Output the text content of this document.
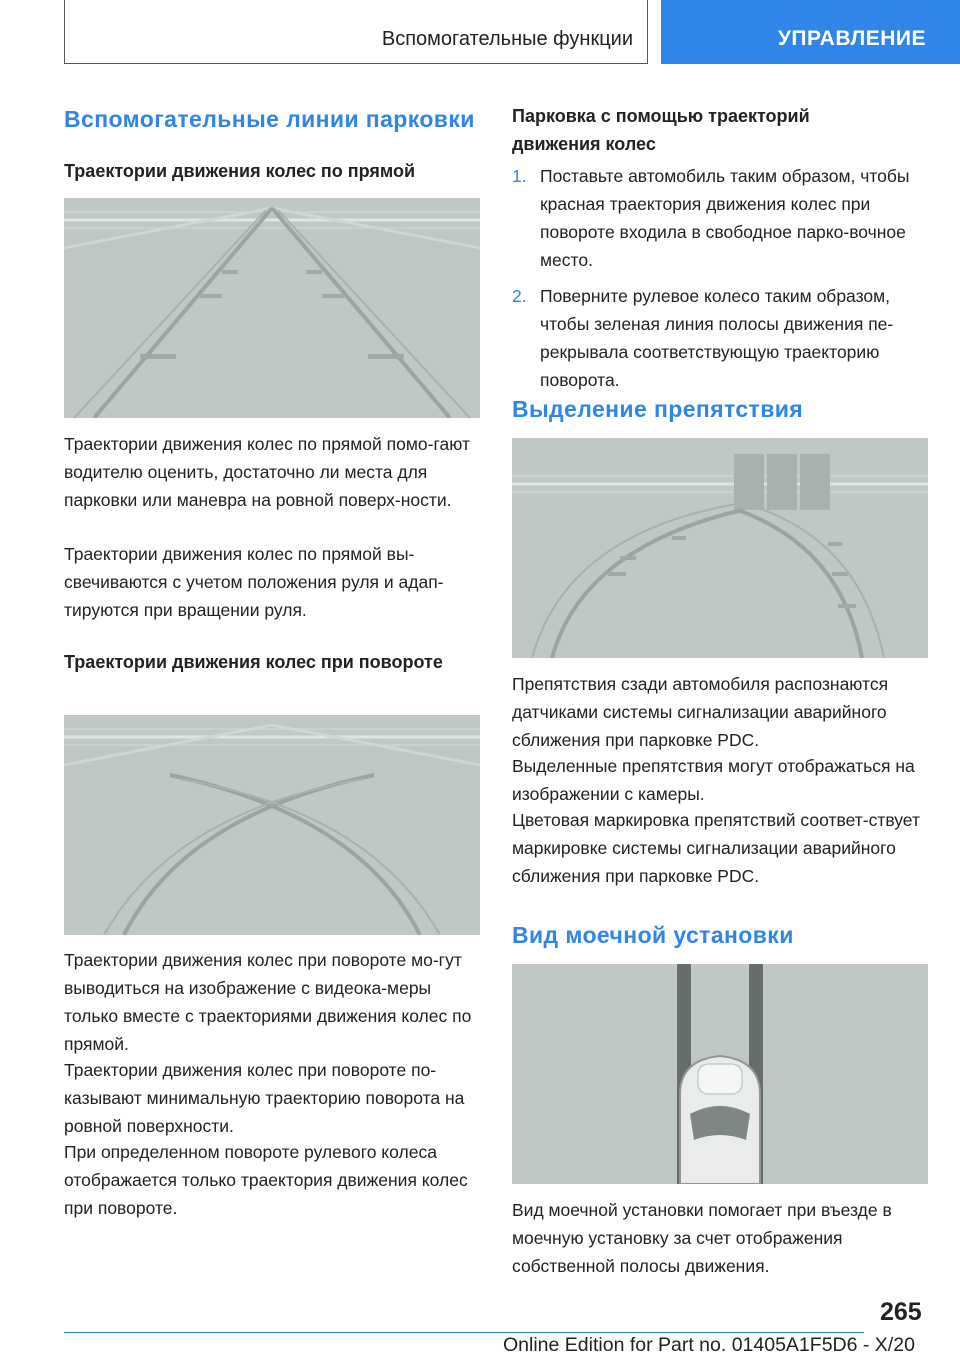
Вспомогательные функции	УПРАВЛЕНИЕ
Вспомогательные линии парковки
Траектории движения колес по прямой

Траектории движения колес по прямой помо-гают водителю оценить, достаточно ли места для парковки или маневра на ровной поверх-ности.

Траектории движения колес по прямой вы-свечиваются с учетом положения руля и адап-тируются при вращении руля.

Траектории движения колес при повороте

Траектории движения колес при повороте мо-гут выводиться на изображение с видеока-меры только вместе с траекториями движения колес по прямой.

Траектории движения колес при повороте по-казывают минимальную траекторию поворота на ровной поверхности.

При определенном повороте рулевого колеса отображается только траектория движения колес при повороте.

Парковка с помощью траекторий движения колес
1. Поставьте автомобиль таким образом, чтобы красная траектория движения колес при повороте входила в свободное парко-вочное место.
2. Поверните рулевое колесо таким образом, чтобы зеленая линия полосы движения пе-рекрывала соответствующую траекторию поворота.
Выделение препятствия

Препятствия сзади автомобиля распознаются датчиками системы сигнализации аварийного сближения при парковке PDC.

Выделенные препятствия могут отображаться на изображении с камеры.

Цветовая маркировка препятствий соответ-ствует маркировке системы сигнализации аварийного сближения при парковке PDC.

Вид моечной установки

Вид моечной установки помогает при въезде в моечную установку за счет отображения собственной полосы движения.

265
Online Edition for Part no. 01405A1F5D6 - X/20
